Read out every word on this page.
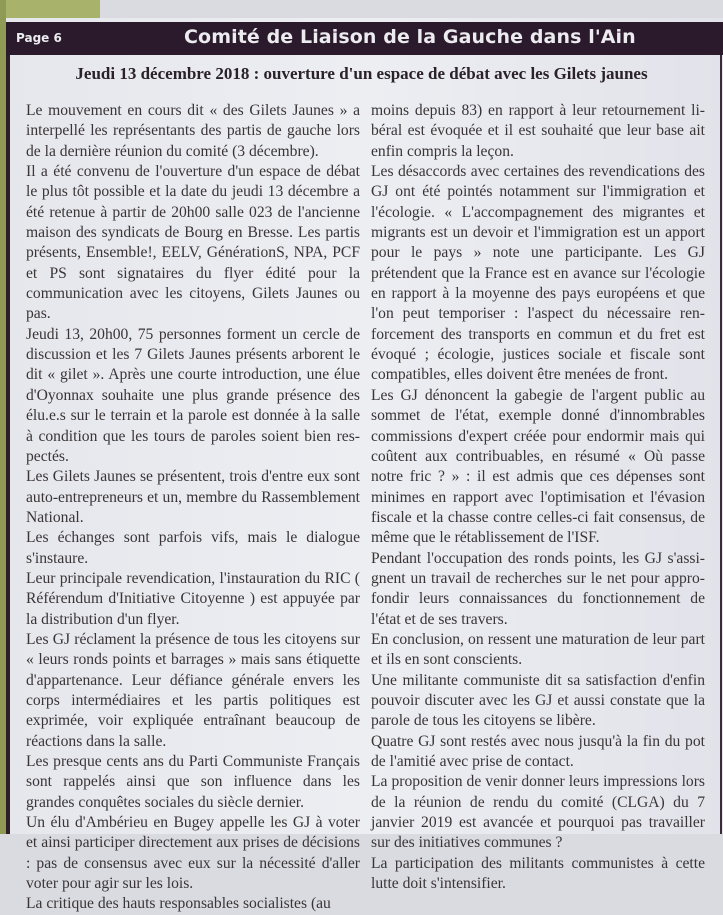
Page 6	Comité de Liaison de la Gauche dans l'Ain
Jeudi 13 décembre 2018 : ouverture d'un espace de débat avec les Gilets jaunes

Le mouvement en cours dit « des Gilets Jaunes » a interpellé les représentants des partis de gauche lors de la dernière réunion du comité (3 décembre).

Il a été convenu de l'ouverture d'un espace de débat le plus tôt possible et la date du jeudi 13 décembre a été retenue à partir de 20h00 salle 023 de l'ancienne maison des syndicats de Bourg en Bresse. Les partis présents, Ensemble!, EELV, GénérationS, NPA, PCF et PS sont signataires du flyer édité pour la communication avec les citoyens, Gilets Jaunes ou pas.

Jeudi 13, 20h00, 75 personnes forment un cercle de discussion et les 7 Gilets Jaunes présents arborent le dit « gilet ». Après une courte introduction, une élue d'Oyonnax souhaite une plus grande présence des élu.e.s sur le terrain et la parole est donnée à la salle à condition que les tours de paroles soient bien respectés.

Les Gilets Jaunes se présentent, trois d'entre eux sont auto-entrepreneurs et un, membre du Rassemblement National.

Les échanges sont parfois vifs, mais le dialogue s'instaure.

Leur principale revendication, l'instauration du RIC ( Référendum d'Initiative Citoyenne ) est appuyée par la distribution d'un flyer.

Les GJ réclament la présence de tous les citoyens sur « leurs ronds points et barrages » mais sans étiquette d'appartenance. Leur défiance générale envers les corps intermédiaires et les partis politiques est exprimée, voir expliquée entraînant beaucoup de réactions dans la salle.

Les presque cents ans du Parti Communiste Français sont rappelés ainsi que son influence dans les grandes conquêtes sociales du siècle dernier.

Un élu d'Ambérieu en Bugey appelle les GJ à voter et ainsi participer directement aux prises de décisions : pas de consensus avec eux sur la nécessité d'aller voter pour agir sur les lois.

La critique des hauts responsables socialistes (au

moins depuis 83) en rapport à leur retournement libéral est évoquée et il est souhaité que leur base ait enfin compris la leçon.

Les désaccords avec certaines des revendications des GJ ont été pointés notamment sur l'immigration et l'écologie. « L'accompagnement des migrantes et migrants est un devoir et l'immigration est un apport pour le pays » note une participante. Les GJ prétendent que la France est en avance sur l'écologie en rapport à la moyenne des pays européens et que l'on peut temporiser : l'aspect du nécessaire renforcement des transports en commun et du fret est évoqué ; écologie, justices sociale et fiscale sont compatibles, elles doivent être menées de front.

Les GJ dénoncent la gabegie de l'argent public au sommet de l'état, exemple donné d'innombrables commissions d'expert créée pour endormir mais qui coûtent aux contribuables, en résumé « Où passe notre fric ? » : il est admis que ces dépenses sont minimes en rapport avec l'optimisation et l'évasion fiscale et la chasse contre celles-ci fait consensus, de même que le rétablissement de l'ISF.

Pendant l'occupation des ronds points, les GJ s'assignent un travail de recherches sur le net pour approfondir leurs connaissances du fonctionnement de l'état et de ses travers.

En conclusion, on ressent une maturation de leur part et ils en sont conscients.

Une militante communiste dit sa satisfaction d'enfin pouvoir discuter avec les GJ et aussi constate que la parole de tous les citoyens se libère.

Quatre GJ sont restés avec nous jusqu'à la fin du pot de l'amitié avec prise de contact.

La proposition de venir donner leurs impressions lors de la réunion de rendu du comité (CLGA) du 7 janvier 2019 est avancée et pourquoi pas travailler sur des initiatives communes ?

La participation des militants communistes à cette lutte doit s'intensifier.
